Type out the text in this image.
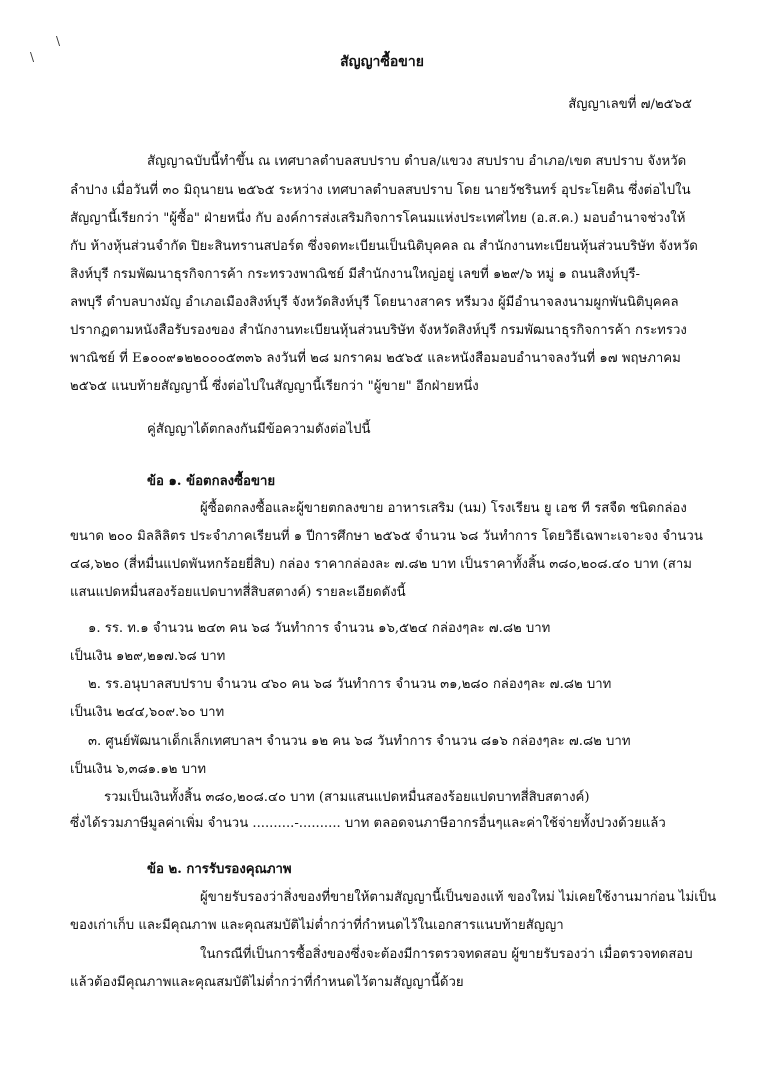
\
\	สัญญาซื้อขาย
สัญญาเลขที่ ๗/๒๕๖๕
สัญญาฉบับนี้ทำขึ้น ณ เทศบาลตำบลสบปราบ ตำบล/แขวง สบปราบ อำเภอ/เขต สบปราบ จังหวัด
ลำปาง เมื่อวันที่ ๓๐ มิถุนายน ๒๕๖๕ ระหว่าง เทศบาลตำบลสบปราบ โดย นายวัชรินทร์ อุประโยคิน ซึ่งต่อไปใน
สัญญานี้เรียกว่า "ผู้ซื้อ" ฝ่ายหนึ่ง กับ องค์การส่งเสริมกิจการโคนมแห่งประเทศไทย (อ.ส.ค.) มอบอำนาจช่วงให้
กับ ห้างหุ้นส่วนจำกัด ปิยะสินทรานสปอร์ต ซึ่งจดทะเบียนเป็นนิติบุคคล ณ สำนักงานทะเบียนหุ้นส่วนบริษัท จังหวัด
สิงห์บุรี กรมพัฒนาธุรกิจการค้า กระทรวงพาณิชย์ มีสำนักงานใหญ่อยู่ เลขที่ ๑๒๙/๖ หมู่ ๑ ถนนสิงห์บุรี-
ลพบุรี ตำบลบางมัญ อำเภอเมืองสิงห์บุรี จังหวัดสิงห์บุรี โดยนางสาคร หรีมวง ผู้มีอำนาจลงนามผูกพันนิติบุคคล
ปรากฏตามหนังสือรับรองของ สำนักงานทะเบียนหุ้นส่วนบริษัท จังหวัดสิงห์บุรี กรมพัฒนาธุรกิจการค้า กระทรวง
พาณิชย์ ที่ E๑๐๐๙๑๒๒๐๐๐๕๓๓๖ ลงวันที่ ๒๘ มกราคม ๒๕๖๕ และหนังสือมอบอำนาจลงวันที่ ๑๗ พฤษภาคม
๒๕๖๕ แนบท้ายสัญญานี้ ซึ่งต่อไปในสัญญานี้เรียกว่า "ผู้ขาย" อีกฝ่ายหนึ่ง
คู่สัญญาได้ตกลงกันมีข้อความดังต่อไปนี้
ข้อ ๑. ข้อตกลงซื้อขาย
ผู้ซื้อตกลงซื้อและผู้ขายตกลงขาย อาหารเสริม (นม) โรงเรียน ยู เอช ที รสจืด ชนิดกล่อง
ขนาด ๒๐๐ มิลลิลิตร ประจำภาคเรียนที่ ๑ ปีการศึกษา ๒๕๖๕ จำนวน ๖๘ วันทำการ โดยวิธีเฉพาะเจาะจง จำนวน
๔๘,๖๒๐ (สี่หมื่นแปดพันหกร้อยยี่สิบ) กล่อง ราคากล่องละ ๗.๘๒ บาท เป็นราคาทั้งสิ้น ๓๘๐,๒๐๘.๔๐ บาท (สาม
แสนแปดหมื่นสองร้อยแปดบาทสี่สิบสตางค์) รายละเอียดดังนี้
๑. รร. ท.๑ จำนวน ๒๔๓ คน ๖๘ วันทำการ จำนวน ๑๖,๕๒๔ กล่องๆละ ๗.๘๒ บาท
เป็นเงิน ๑๒๙,๒๑๗.๖๘ บาท
๒. รร.อนุบาลสบปราบ จำนวน ๔๖๐ คน ๖๘ วันทำการ จำนวน ๓๑,๒๘๐ กล่องๆละ ๗.๘๒ บาท
เป็นเงิน ๒๔๔,๖๐๙.๖๐ บาท
๓. ศูนย์พัฒนาเด็กเล็กเทศบาลฯ จำนวน ๑๒ คน ๖๘ วันทำการ จำนวน ๘๑๖ กล่องๆละ ๗.๘๒ บาท
เป็นเงิน ๖,๓๘๑.๑๒ บาท
รวมเป็นเงินทั้งสิ้น ๓๘๐,๒๐๘.๔๐ บาท (สามแสนแปดหมื่นสองร้อยแปดบาทสี่สิบสตางค์)
ซึ่งได้รวมภาษีมูลค่าเพิ่ม จำนวน ..........-.......... บาท ตลอดจนภาษีอากรอื่นๆและค่าใช้จ่ายทั้งปวงด้วยแล้ว
ข้อ ๒. การรับรองคุณภาพ
ผู้ขายรับรองว่าสิ่งของที่ขายให้ตามสัญญานี้เป็นของแท้ ของใหม่ ไม่เคยใช้งานมาก่อน ไม่เป็น
ของเก่าเก็บ และมีคุณภาพ และคุณสมบัติไม่ต่ำกว่าที่กำหนดไว้ในเอกสารแนบท้ายสัญญา
ในกรณีที่เป็นการซื้อสิ่งของซึ่งจะต้องมีการตรวจทดสอบ ผู้ขายรับรองว่า เมื่อตรวจทดสอบ
แล้วต้องมีคุณภาพและคุณสมบัติไม่ต่ำกว่าที่กำหนดไว้ตามสัญญานี้ด้วย
